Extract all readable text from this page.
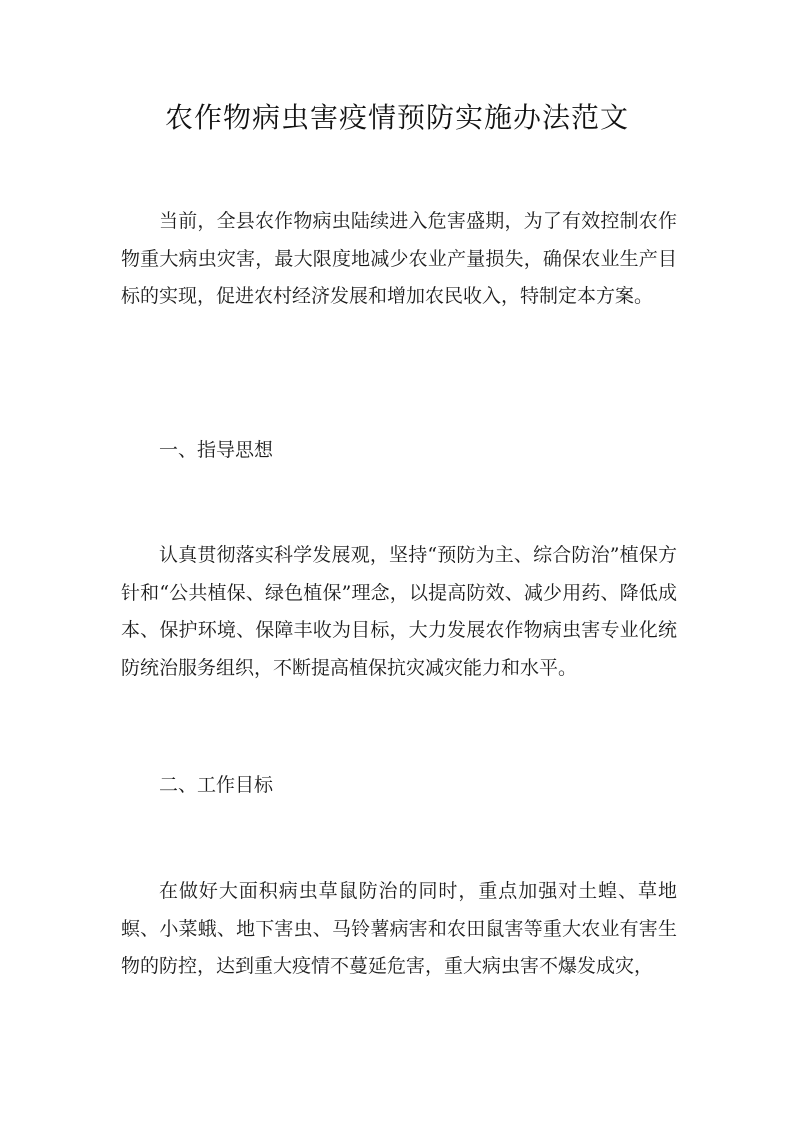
农作物病虫害疫情预防实施办法范文

当前，全县农作物病虫陆续进入危害盛期，为了有效控制农作物重大病虫灾害，最大限度地减少农业产量损失，确保农业生产目标的实现，促进农村经济发展和增加农民收入，特制定本方案。

一、指导思想

认真贯彻落实科学发展观，坚持“预防为主、综合防治”植保方针和“公共植保、绿色植保”理念，以提高防效、减少用药、降低成本、保护环境、保障丰收为目标，大力发展农作物病虫害专业化统防统治服务组织，不断提高植保抗灾减灾能力和水平。

二、工作目标

在做好大面积病虫草鼠防治的同时，重点加强对土蝗、草地螟、小菜蛾、地下害虫、马铃薯病害和农田鼠害等重大农业有害生物的防控，达到重大疫情不蔓延危害，重大病虫害不爆发成灾，
